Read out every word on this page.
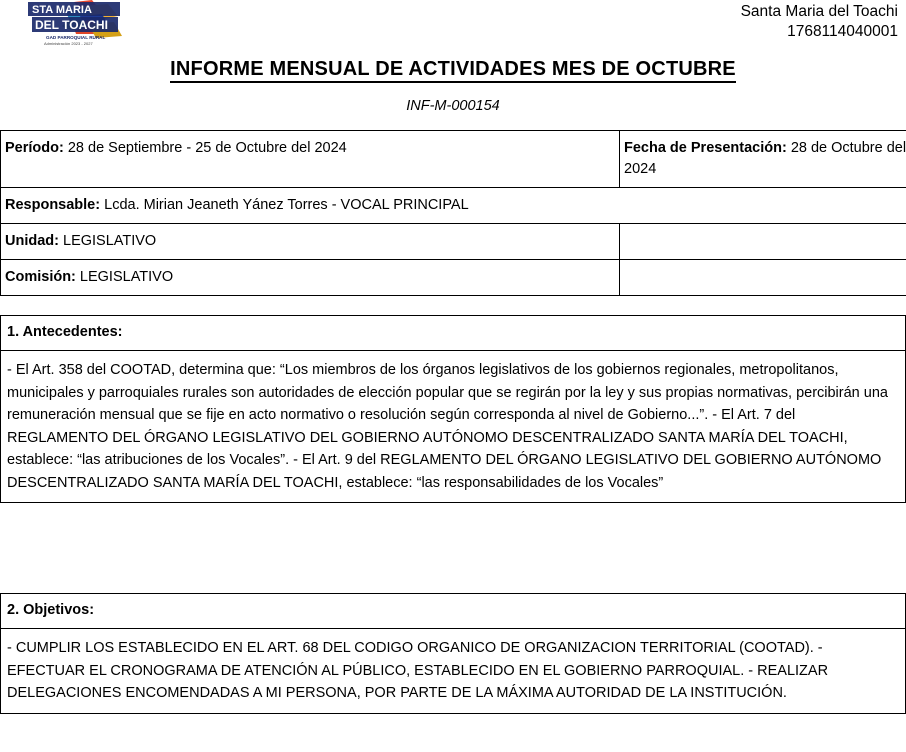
STA MARIA
DEL TOACHI
GAD PARROQUIAL RURAL
Administración 2023 - 2027
Santa Maria del Toachi
1768114040001
INFORME MENSUAL DE ACTIVIDADES MES DE OCTUBRE
INF-M-000154
Período: 28 de Septiembre - 25 de Octubre del 2024	Fecha de Presentación: 28 de Octubre del 2024
Responsable: Lcda. Mirian Jeaneth Yánez Torres - VOCAL PRINCIPAL	
Unidad: LEGISLATIVO	
Comisión: LEGISLATIVO	
1. Antecedentes:
- El Art. 358 del COOTAD, determina que: “Los miembros de los órganos legislativos de los gobiernos regionales, metropolitanos, municipales y parroquiales rurales son autoridades de elección popular que se regirán por la ley y sus propias normativas, percibirán una remuneración mensual que se fije en acto normativo o resolución según corresponda al nivel de Gobierno...”. - El Art. 7 del REGLAMENTO DEL ÓRGANO LEGISLATIVO DEL GOBIERNO AUTÓNOMO DESCENTRALIZADO SANTA MARÍA DEL TOACHI, establece: “las atribuciones de los Vocales”. - El Art. 9 del REGLAMENTO DEL ÓRGANO LEGISLATIVO DEL GOBIERNO AUTÓNOMO DESCENTRALIZADO SANTA MARÍA DEL TOACHI, establece: “las responsabilidades de los Vocales”
2. Objetivos:
- CUMPLIR LOS ESTABLECIDO EN EL ART. 68 DEL CODIGO ORGANICO DE ORGANIZACION TERRITORIAL (COOTAD). - EFECTUAR EL CRONOGRAMA DE ATENCIÓN AL PÚBLICO, ESTABLECIDO EN EL GOBIERNO PARROQUIAL. - REALIZAR DELEGACIONES ENCOMENDADAS A MI PERSONA, POR PARTE DE LA MÁXIMA AUTORIDAD DE LA INSTITUCIÓN.
